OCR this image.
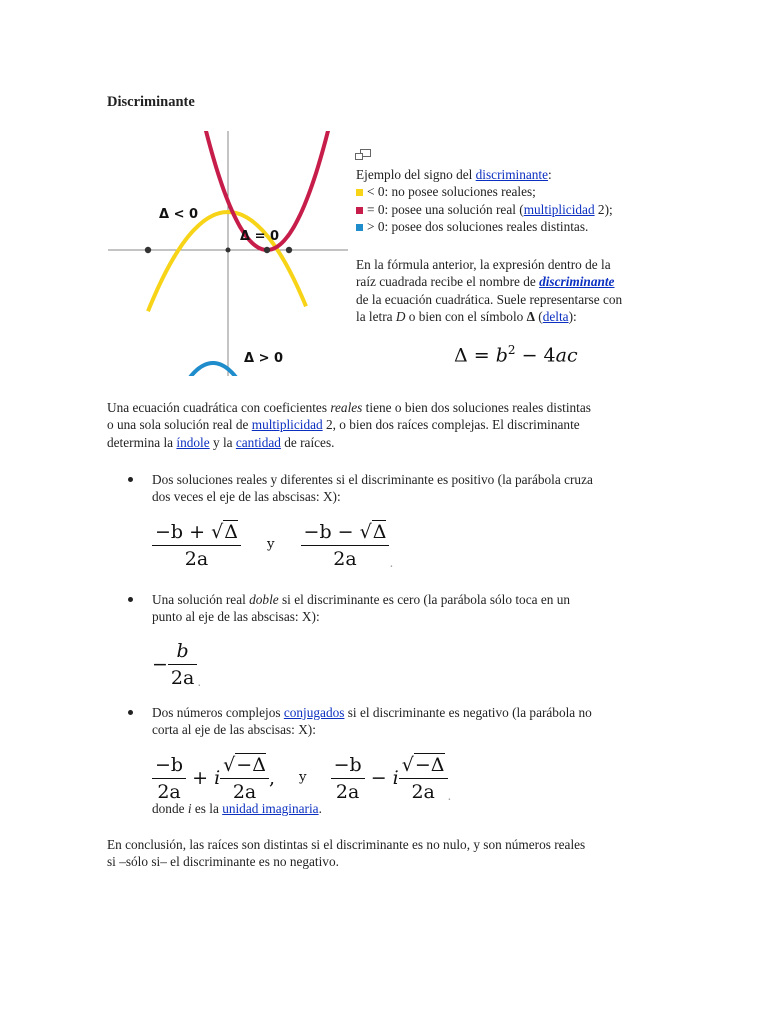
Discriminante
Δ < 0
Δ = 0
Δ > 0
Ejemplo del signo del discriminante:
< 0: no posee soluciones reales;
= 0: posee una solución real (multiplicidad 2);
> 0: posee dos soluciones reales distintas.
En la fórmula anterior, la expresión dentro de la
raíz cuadrada recibe el nombre de discriminante
de la ecuación cuadrática. Suele representarse con
la letra D o bien con el símbolo Δ (delta):
$\Delta = b^2 - 4ac$
Una ecuación cuadrática con coeficientes reales tiene o bien dos soluciones reales distintas
o una sola solución real de multiplicidad 2, o bien dos raíces complejas. El discriminante
determina la índole y la cantidad de raíces.
Dos soluciones reales y diferentes si el discriminante es positivo (la parábola cruza
dos veces el eje de las abscisas: X):
$\frac{-b + √\Delta}{2a}$ y $\frac{-b - √\Delta}{2a}$ .
Una solución real doble si el discriminante es cero (la parábola sólo toca en un
punto al eje de las abscisas: X):
− $\frac{b}{2a}$ .
Dos números complejos conjugados si el discriminante es negativo (la parábola no
corta al eje de las abscisas: X):
$\frac{-b}{2a} + i \frac{√-\Delta}{2a}$ , y $\frac{-b}{2a} - i \frac{√-\Delta}{2a}$ .
donde i es la unidad imaginaria.
En conclusión, las raíces son distintas si el discriminante es no nulo, y son números reales
si –sólo si– el discriminante es no negativo.
